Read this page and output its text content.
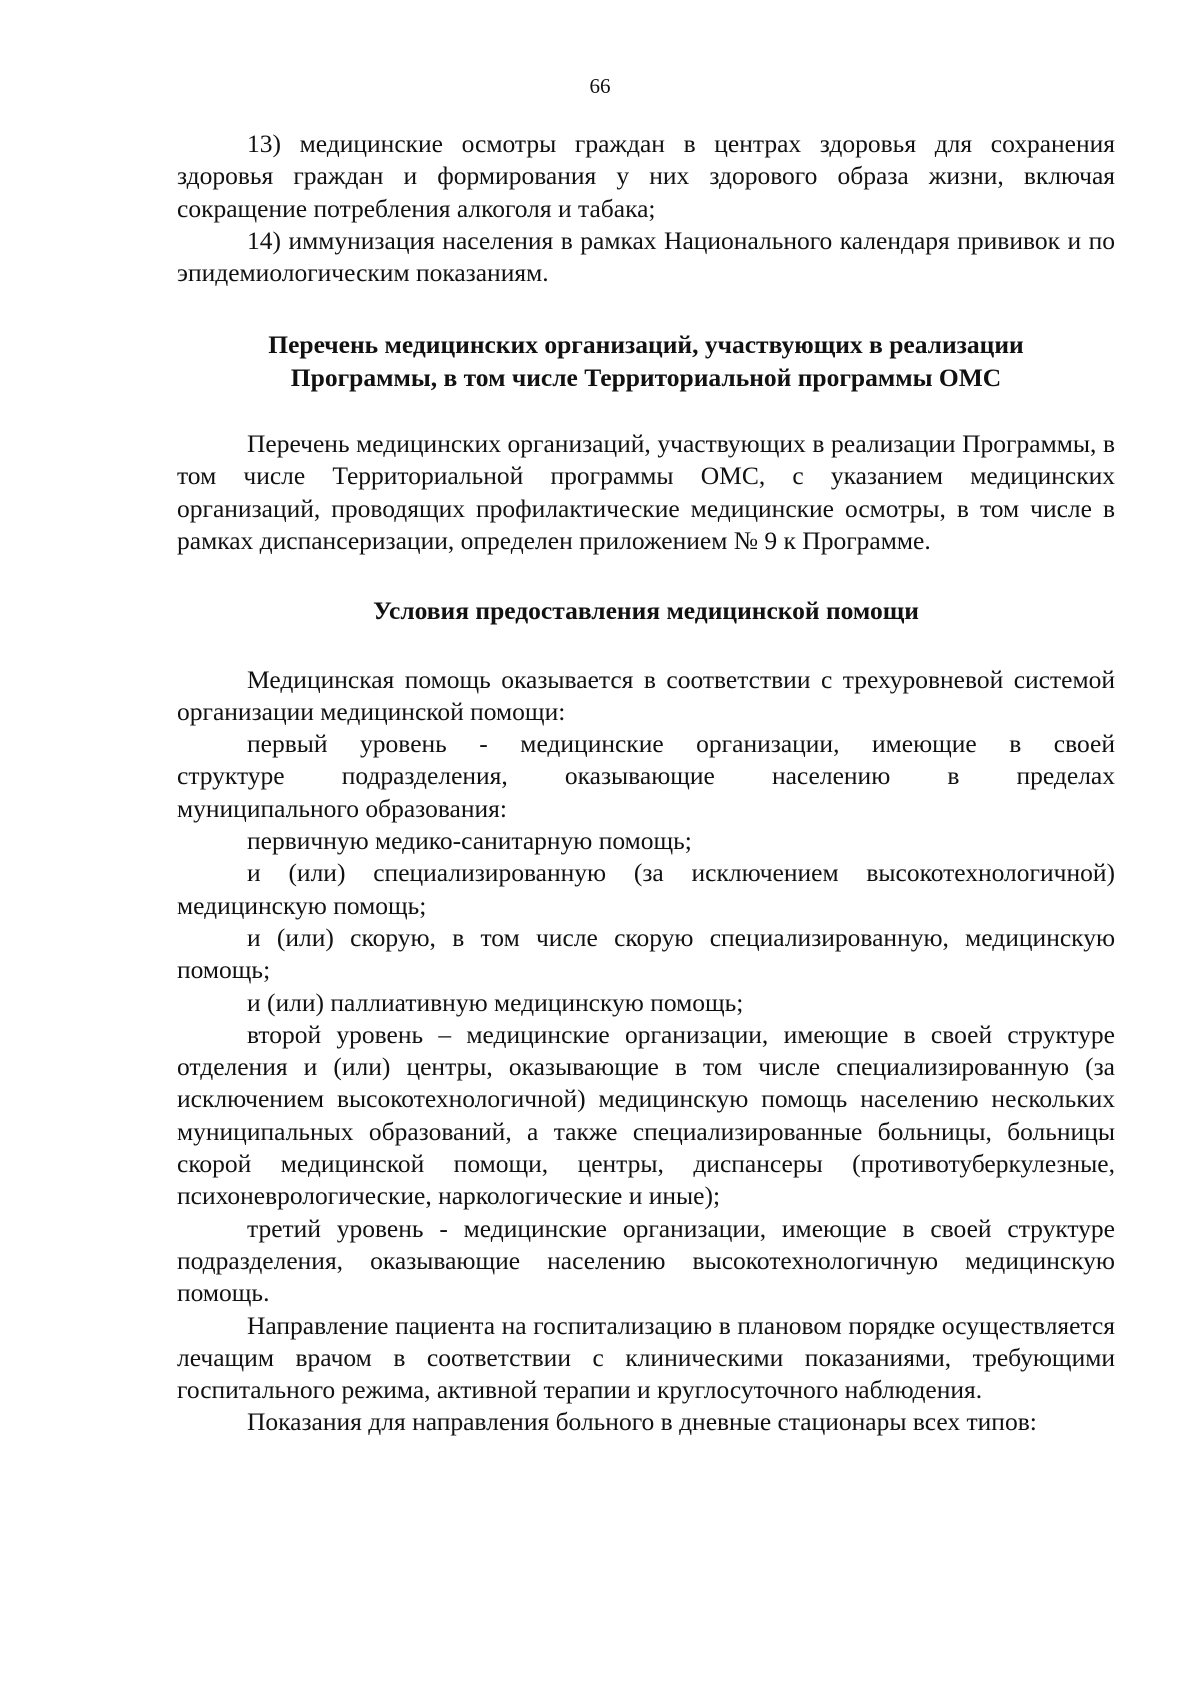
66

13) медицинские осмотры граждан в центрах здоровья для сохранения здоровья граждан и формирования у них здорового образа жизни, включая сокращение потребления алкоголя и табака;

14) иммунизация населения в рамках Национального календаря прививок и по эпидемиологическим показаниям.

Перечень медицинских организаций, участвующих в реализации
Программы, в том числе Территориальной программы ОМС

Перечень медицинских организаций, участвующих в реализации Программы, в том числе Территориальной программы ОМС, с указанием медицинских организаций, проводящих профилактические медицинские осмотры, в том числе в рамках диспансеризации, определен приложением № 9 к Программе.

Условия предоставления медицинской помощи

Медицинская помощь оказывается в соответствии с трехуровневой системой организации медицинской помощи:

первый уровень - медицинские организации, имеющие в своей

структуре подразделения, оказывающие населению в пределах

муниципального образования:

первичную медико-санитарную помощь;

и (или) специализированную (за исключением высокотехнологичной) медицинскую помощь;

и (или) скорую, в том числе скорую специализированную, медицинскую помощь;

и (или) паллиативную медицинскую помощь;

второй уровень – медицинские организации, имеющие в своей структуре отделения и (или) центры, оказывающие в том числе специализированную (за исключением высокотехнологичной) медицинскую помощь населению нескольких муниципальных образований, а также специализированные больницы, больницы скорой медицинской помощи, центры, диспансеры (противотуберкулезные, психоневрологические, наркологические и иные);

третий уровень - медицинские организации, имеющие в своей структуре подразделения, оказывающие населению высокотехнологичную медицинскую помощь.

Направление пациента на госпитализацию в плановом порядке осуществляется лечащим врачом в соответствии с клиническими показаниями, требующими госпитального режима, активной терапии и круглосуточного наблюдения.

Показания для направления больного в дневные стационары всех типов:
